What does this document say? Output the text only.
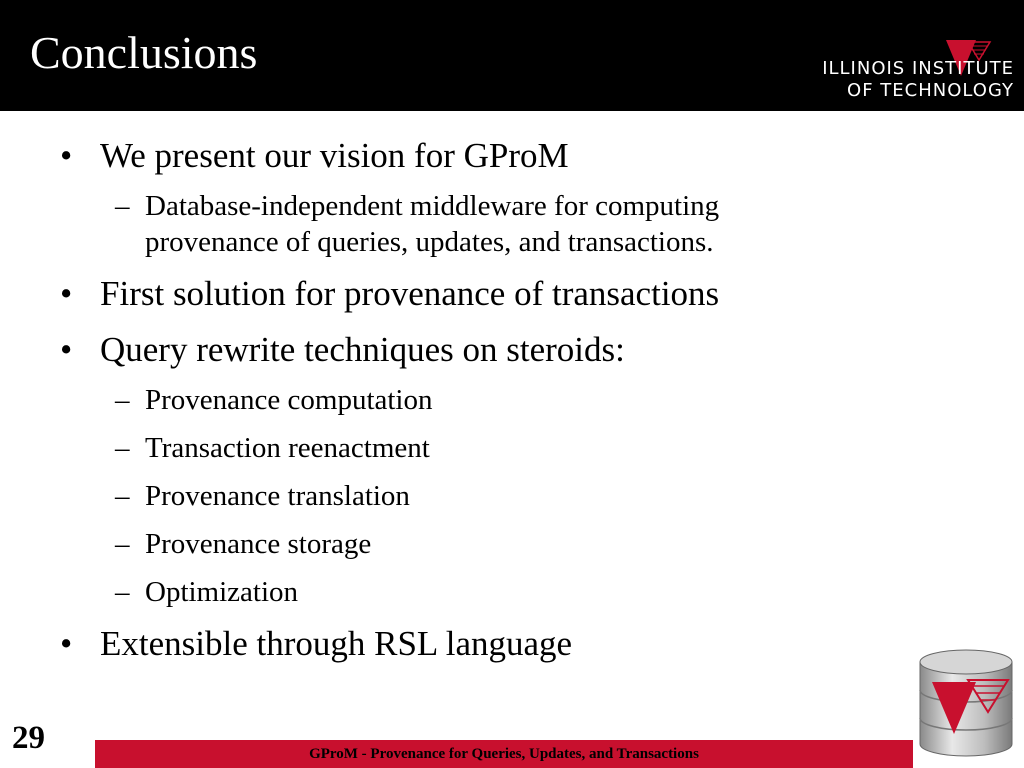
Conclusions	ILLINOIS INSTITUTE
OF TECHNOLOGY
• We present our vision for GProM
– Database-independent middleware for computing
provenance of queries, updates, and transactions.
• First solution for provenance of transactions
• Query rewrite techniques on steroids:
– Provenance computation
– Transaction reenactment
– Provenance translation
– Provenance storage
– Optimization
• Extensible through RSL language
29	GProM - Provenance for Queries, Updates, and Transactions
